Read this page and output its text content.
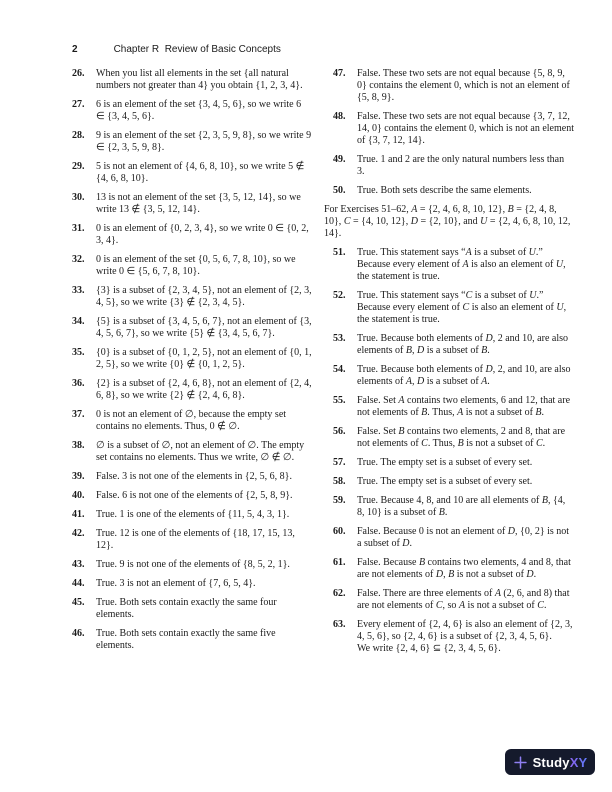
2	Chapter R  Review of Basic Concepts
26.	When you list all elements in the set {all natural numbers not greater than 4} you obtain {1, 2, 3, 4}.
27.	6 is an element of the set {3, 4, 5, 6}, so we write 6 ∈ {3, 4, 5, 6}.
28.	9 is an element of the set {2, 3, 5, 9, 8}, so we write 9 ∈ {2, 3, 5, 9, 8}.
29.	5 is not an element of {4, 6, 8, 10}, so we write 5 ∉ {4, 6, 8, 10}.
30.	13 is not an element of the set {3, 5, 12, 14}, so we write 13 ∉ {3, 5, 12, 14}.
31.	0 is an element of {0, 2, 3, 4}, so we write 0 ∈ {0, 2, 3, 4}.
32.	0 is an element of the set {0, 5, 6, 7, 8, 10}, so we write 0 ∈ {5, 6, 7, 8, 10}.
33.	{3} is a subset of {2, 3, 4, 5}, not an element of {2, 3, 4, 5}, so we write {3} ∉ {2, 3, 4, 5}.
34.	{5} is a subset of {3, 4, 5, 6, 7}, not an element of {3, 4, 5, 6, 7}, so we write {5} ∉ {3, 4, 5, 6, 7}.
35.	{0} is a subset of {0, 1, 2, 5}, not an element of {0, 1, 2, 5}, so we write {0} ∉ {0, 1, 2, 5}.
36.	{2} is a subset of {2, 4, 6, 8}, not an element of {2, 4, 6, 8}, so we write {2} ∉ {2, 4, 6, 8}.
37.	0 is not an element of ∅, because the empty set contains no elements. Thus, 0 ∉ ∅.
38.	∅ is a subset of ∅, not an element of ∅. The empty set contains no elements. Thus we write, ∅ ∉ ∅.
39.	False. 3 is not one of the elements in {2, 5, 6, 8}.
40.	False. 6 is not one of the elements of {2, 5, 8, 9}.
41.	True. 1 is one of the elements of {11, 5, 4, 3, 1}.
42.	True. 12 is one of the elements of {18, 17, 15, 13, 12}.
43.	True. 9 is not one of the elements of {8, 5, 2, 1}.
44.	True. 3 is not an element of {7, 6, 5, 4}.
45.	True. Both sets contain exactly the same four elements.
46.	True. Both sets contain exactly the same five elements.
47.	False. These two sets are not equal because {5, 8, 9, 0} contains the element 0, which is not an element of {5, 8, 9}.
48.	False. These two sets are not equal because {3, 7, 12, 14, 0} contains the element 0, which is not an element of {3, 7, 12, 14}.
49.	True. 1 and 2 are the only natural numbers less than 3.
50.	True. Both sets describe the same elements.
For Exercises 51–62, A = {2, 4, 6, 8, 10, 12}, B = {2, 4, 8, 10}, C = {4, 10, 12}, D = {2, 10}, and U = {2, 4, 6, 8, 10, 12, 14}.
51.	True. This statement says “A is a subset of U.” Because every element of A is also an element of U, the statement is true.
52.	True. This statement says “C is a subset of U.” Because every element of C is also an element of U, the statement is true.
53.	True. Because both elements of D, 2 and 10, are also elements of B, D is a subset of B.
54.	True. Because both elements of D, 2, and 10, are also elements of A, D is a subset of A.
55.	False. Set A contains two elements, 6 and 12, that are not elements of B. Thus, A is not a subset of B.
56.	False. Set B contains two elements, 2 and 8, that are not elements of C. Thus, B is not a subset of C.
57.	True. The empty set is a subset of every set.
58.	True. The empty set is a subset of every set.
59.	True. Because 4, 8, and 10 are all elements of B, {4, 8, 10} is a subset of B.
60.	False. Because 0 is not an element of D, {0, 2} is not a subset of D.
61.	False. Because B contains two elements, 4 and 8, that are not elements of D, B is not a subset of D.
62.	False. There are three elements of A (2, 6, and 8) that are not elements of C, so A is not a subset of C.
63.	Every element of {2, 4, 6} is also an element of {2, 3, 4, 5, 6}, so {2, 4, 6} is a subset of {2, 3, 4, 5, 6}.
We write {2, 4, 6} ⊆ {2, 3, 4, 5, 6}.
Study XY
